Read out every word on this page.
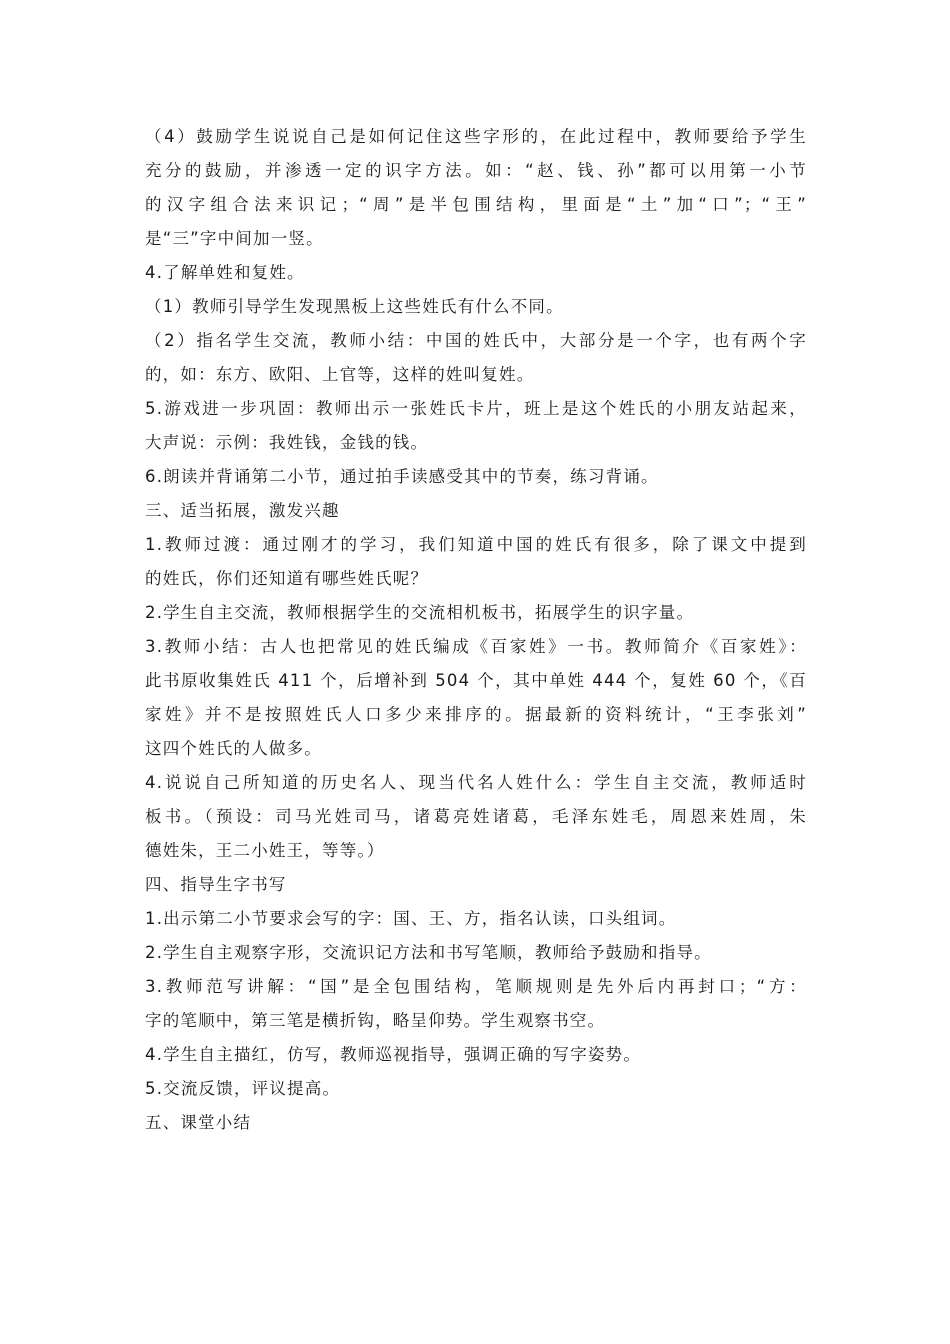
（4）鼓励学生说说自己是如何记住这些字形的，在此过程中，教师要给予学生
充分的鼓励，并渗透一定的识字方法。如：“赵、钱、孙”都可以用第一小节
的汉字组合法来识记；“周”是半包围结构，里面是“土”加“口”；“王”
是“三”字中间加一竖。
4.了解单姓和复姓。
（1）教师引导学生发现黑板上这些姓氏有什么不同。
（2）指名学生交流，教师小结：中国的姓氏中，大部分是一个字，也有两个字
的，如：东方、欧阳、上官等，这样的姓叫复姓。
5.游戏进一步巩固：教师出示一张姓氏卡片，班上是这个姓氏的小朋友站起来，
大声说：示例：我姓钱，金钱的钱。
6.朗读并背诵第二小节，通过拍手读感受其中的节奏，练习背诵。
三、适当拓展，激发兴趣
1.教师过渡：通过刚才的学习，我们知道中国的姓氏有很多，除了课文中提到
的姓氏，你们还知道有哪些姓氏呢？
2.学生自主交流，教师根据学生的交流相机板书，拓展学生的识字量。
3.教师小结：古人也把常见的姓氏编成《百家姓》一书。教师简介《百家姓》：
此书原收集姓氏 411 个，后增补到 504 个，其中单姓 444 个，复姓 60 个，《百
家姓》并不是按照姓氏人口多少来排序的。据最新的资料统计，“王李张刘”
这四个姓氏的人做多。
4.说说自己所知道的历史名人、现当代名人姓什么：学生自主交流，教师适时
板书。（预设：司马光姓司马，诸葛亮姓诸葛，毛泽东姓毛，周恩来姓周，朱
德姓朱，王二小姓王，等等。）
四、指导生字书写
1.出示第二小节要求会写的字：国、王、方，指名认读，口头组词。
2.学生自主观察字形，交流识记方法和书写笔顺，教师给予鼓励和指导。
3.教师范写讲解：“国”是全包围结构，笔顺规则是先外后内再封口；“方：
字的笔顺中，第三笔是横折钩，略呈仰势。学生观察书空。
4.学生自主描红，仿写，教师巡视指导，强调正确的写字姿势。
5.交流反馈，评议提高。
五、课堂小结
